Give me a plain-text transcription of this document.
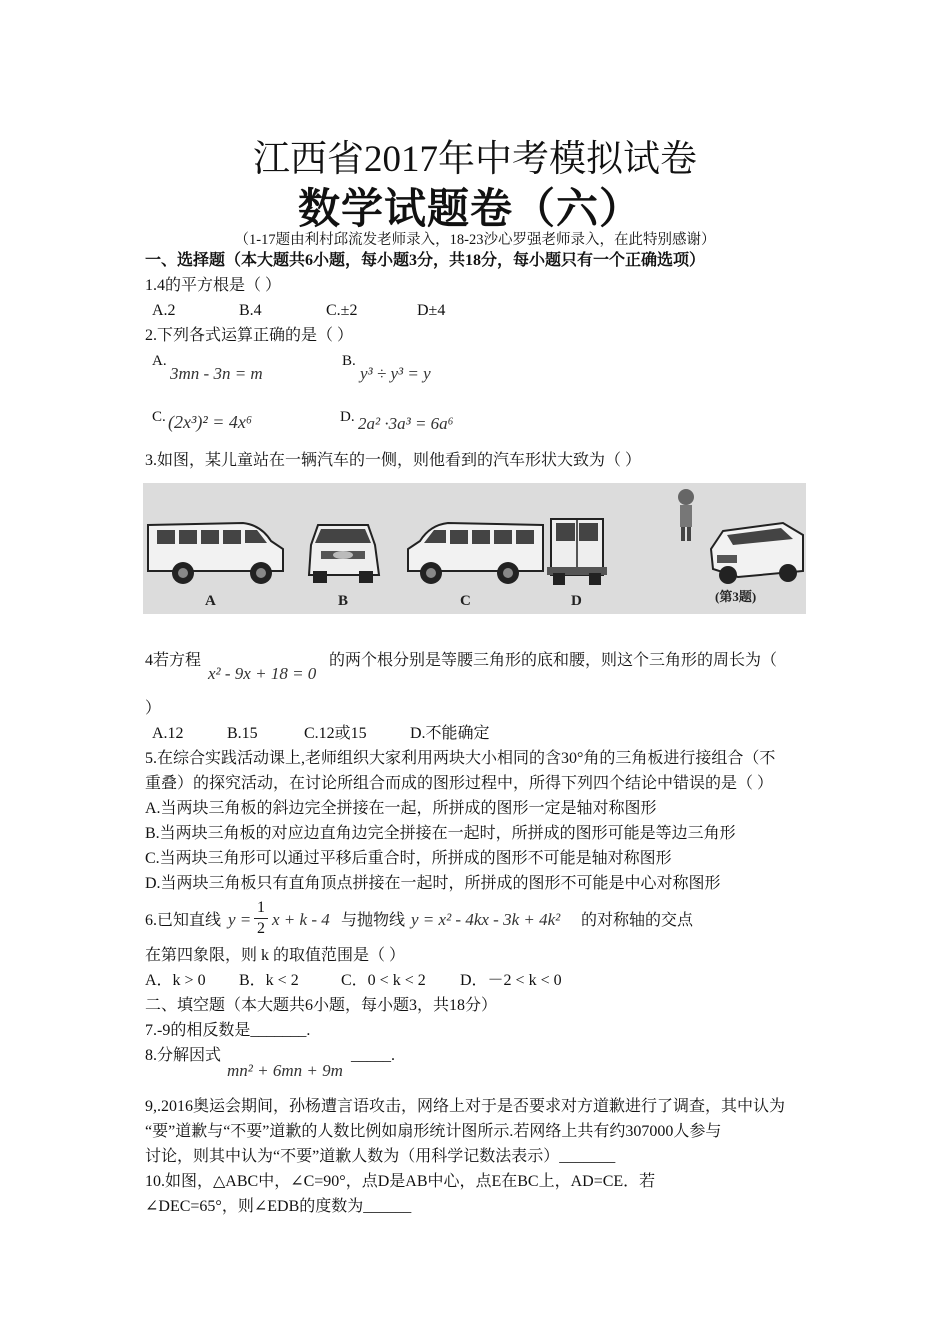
江西省2017年中考模拟试卷
数学试题卷（六）
（1-17题由利村邱流发老师录入，18-23沙心罗强老师录入，在此特别感谢）
一、选择题（本大题共6小题，每小题3分，共18分，每小题只有一个正确选项）
1.4的平方根是（ ）
A.2	B.4	C.±2	D±4
2.下列各式运算正确的是（ ）
A.
3mn - 3n = m
B.
y³ ÷ y³ = y
C. (2x³)² = 4x⁶	D. 2a² ·3a³ = 6a⁶
3.如图，某儿童站在一辆汽车的一侧，则他看到的汽车形状大致为（ ）
A	B	C	D	(第3题)
4若方程
x² - 9x + 18 = 0
的两个根分别是等腰三角形的底和腰，则这个三角形的周长为（
）
A.12	B.15	C.12或15	D.不能确定
5.在综合实践活动课上,老师组织大家利用两块大小相同的含30°角的三角板进行接组合（不
重叠）的探究活动，在讨论所组合而成的图形过程中，所得下列四个结论中错误的是（ ）
A.当两块三角板的斜边完全拼接在一起，所拼成的图形一定是轴对称图形
B.当两块三角板的对应边直角边完全拼接在一起时，所拼成的图形可能是等边三角形
C.当两块三角形可以通过平移后重合时，所拼成的图形不可能是轴对称图形
D.当两块三角板只有直角顶点拼接在一起时，所拼成的图形不可能是中心对称图形
6.已知直线 $y = \frac{1}{2}$ x + k - 4 与抛物线 y = x² - 4kx - 3k + 4k² 的对称轴的交点
在第四象限，则 k 的取值范围是（ ）
A．k > 0 B．k < 2	C．0 < k < 2 D．－2 < k < 0
二、填空题（本大题共6小题，每小题3，共18分）
7.-9的相反数是_______.
8.分解因式
mn² + 6mn + 9m
_____.
9,.2016奥运会期间，孙杨遭言语攻击，网络上对于是否要求对方道歉进行了调查，其中认为
“要”道歉与“不要”道歉的人数比例如扇形统计图所示.若网络上共有约307000人参与
讨论，则其中认为“不要”道歉人数为（用科学记数法表示）_______
10.如图，△ABC中，∠C=90°，点D是AB中心，点E在BC上，AD=CE．若
∠DEC=65°，则∠EDB的度数为______
